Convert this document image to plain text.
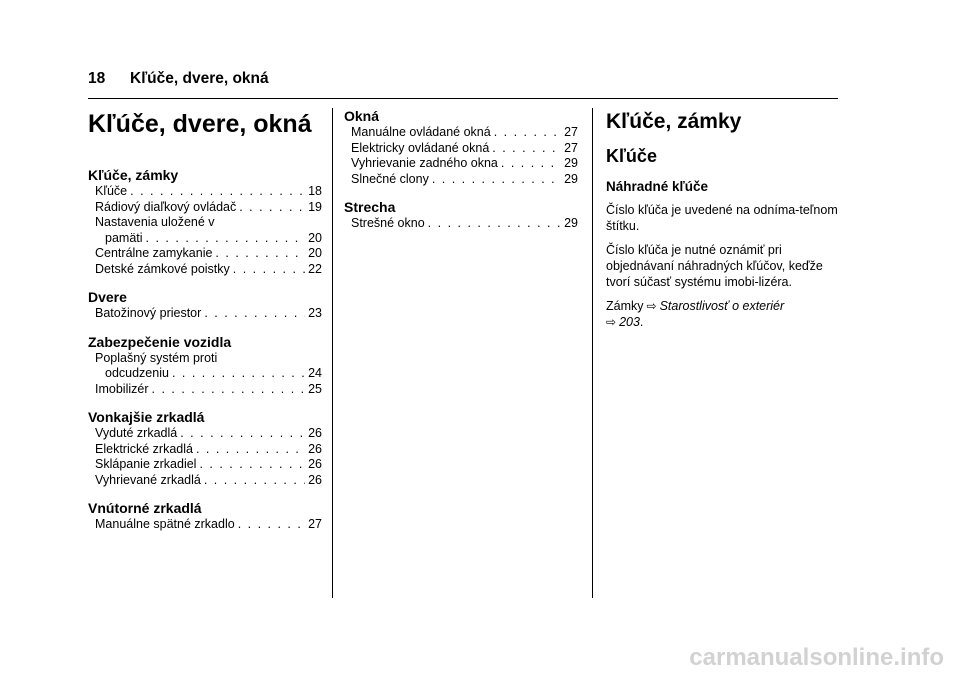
18 Kľúče, dvere, okná
Kľúče, dvere, okná
Kľúče, zámky
Kľúče . . .	18
Rádiový diaľkový ovládač . . .	19
Nastavenia uložené v
pamäti . . .	20
Centrálne zamykanie . . .	20
Detské zámkové poistky . . .	22
Dvere
Batožinový priestor . . .	23
Zabezpečenie vozidla
Poplašný systém proti
odcudzeniu . . .	24
Imobilizér . . .	25
Vonkajšie zrkadlá
Vyduté zrkadlá . . .	26
Elektrické zrkadlá . . .	26
Sklápanie zrkadiel . . .	26
Vyhrievané zrkadlá . . .	26
Vnútorné zrkadlá
Manuálne spätné zrkadlo . . .	27
Okná
Manuálne ovládané okná . . .	27
Elektricky ovládané okná . . .	27
Vyhrievanie zadného okna . . .	29
Slnečné clony . . .	29
Strecha
Strešné okno . . .	29
Kľúče, zámky
Kľúče
Náhradné kľúče

Číslo kľúča je uvedené na odníma-teľnom štítku.

Číslo kľúča je nutné oznámiť pri objednávaní náhradných kľúčov, keďže tvorí súčasť systému imobi-lizéra.

Zámky ⇨ Starostlivosť o exteriér
⇨ 203.

carmanualsonline.info
